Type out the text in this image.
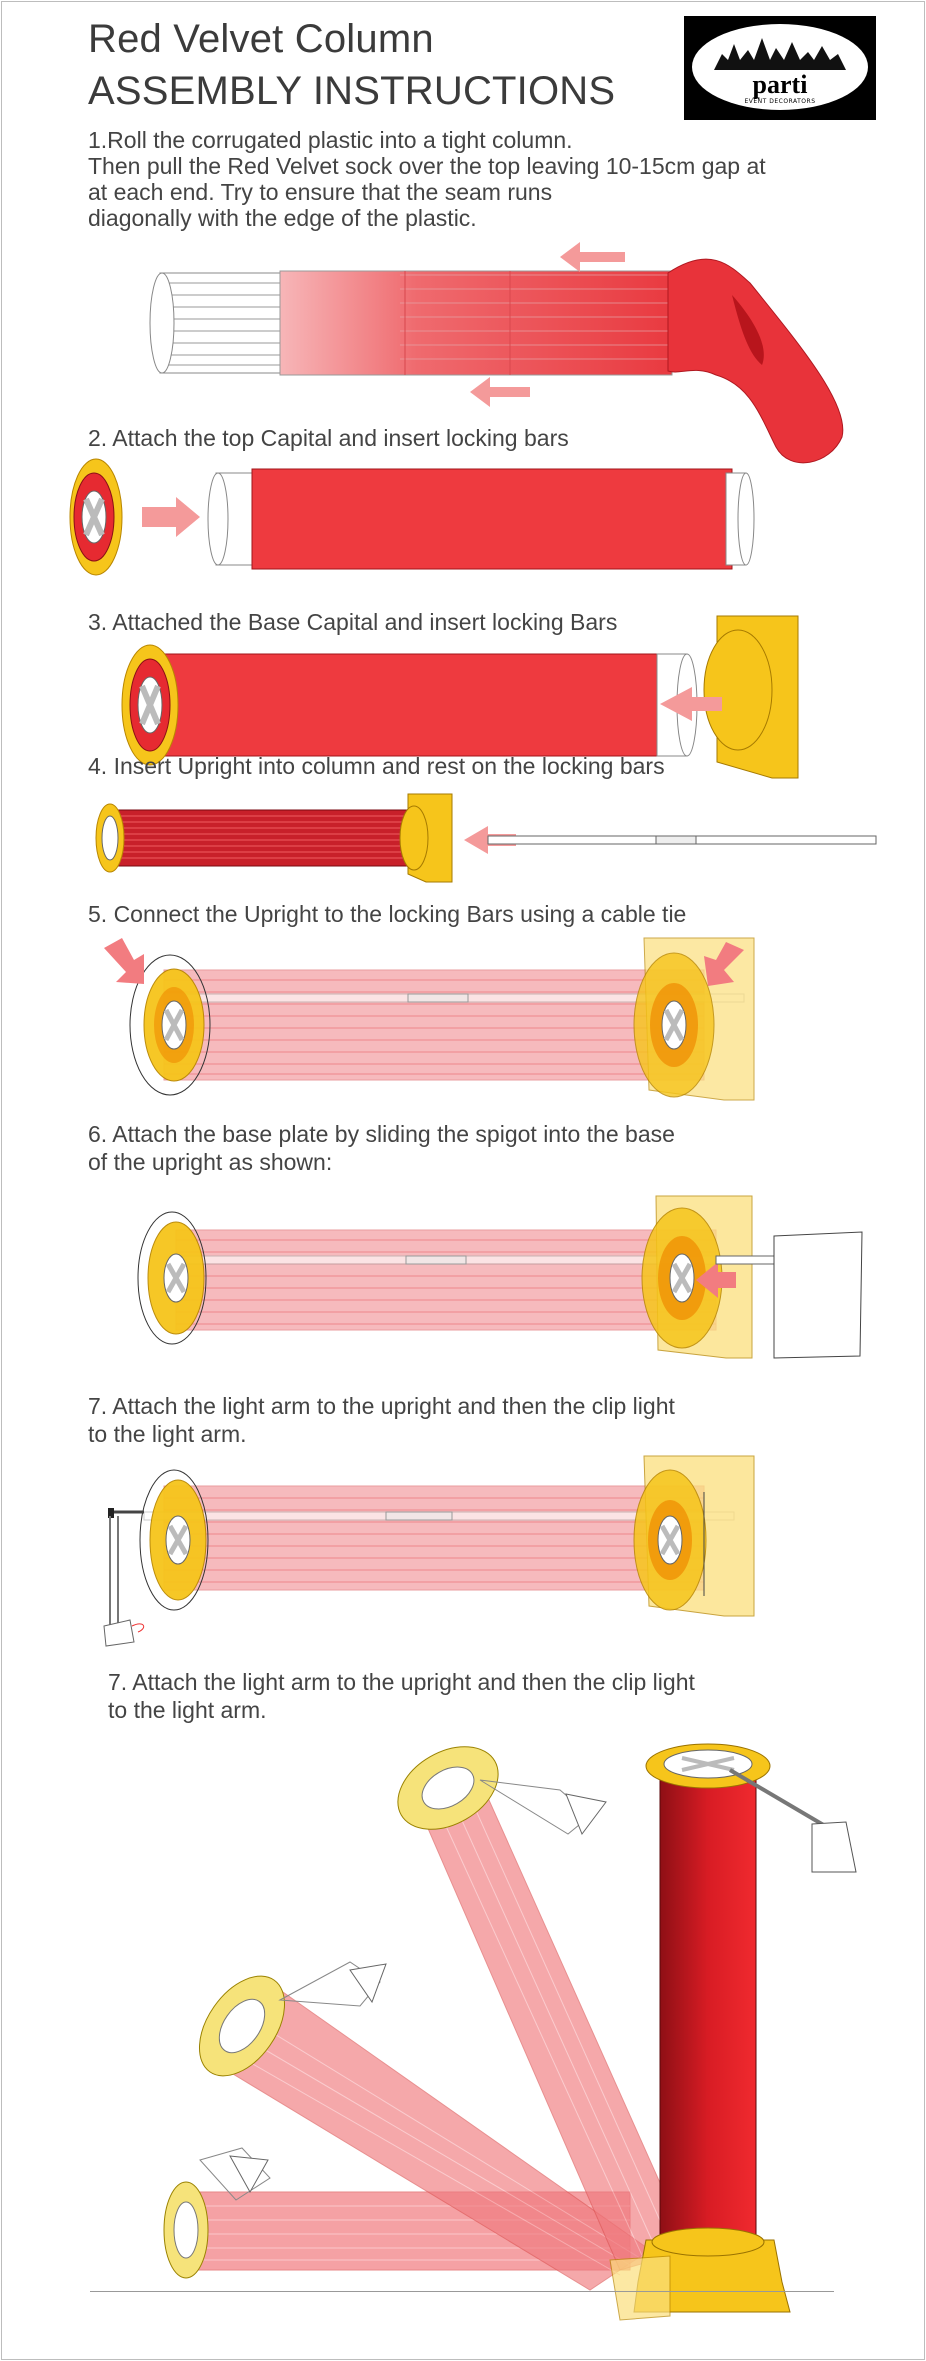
Red Velvet Column
ASSEMBLY INSTRUCTIONS	parti
EVENT DECORATORS
1.Roll the corrugated plastic into a tight column.
Then pull the Red Velvet sock over the top leaving 10-15cm gap at
at each end. Try to ensure that the seam runs
diagonally with the edge of the plastic.
2. Attach the top Capital and insert locking bars
3. Attached the Base Capital and insert locking Bars
4. Insert Upright into column and rest on the locking bars
5. Connect the Upright to the locking Bars using a cable tie
6. Attach the base plate by sliding the spigot into the base
of the upright as shown:
7. Attach the light arm to the upright and then the clip light
to the light arm.
7. Attach the light arm to the upright and then the clip light
to the light arm.
